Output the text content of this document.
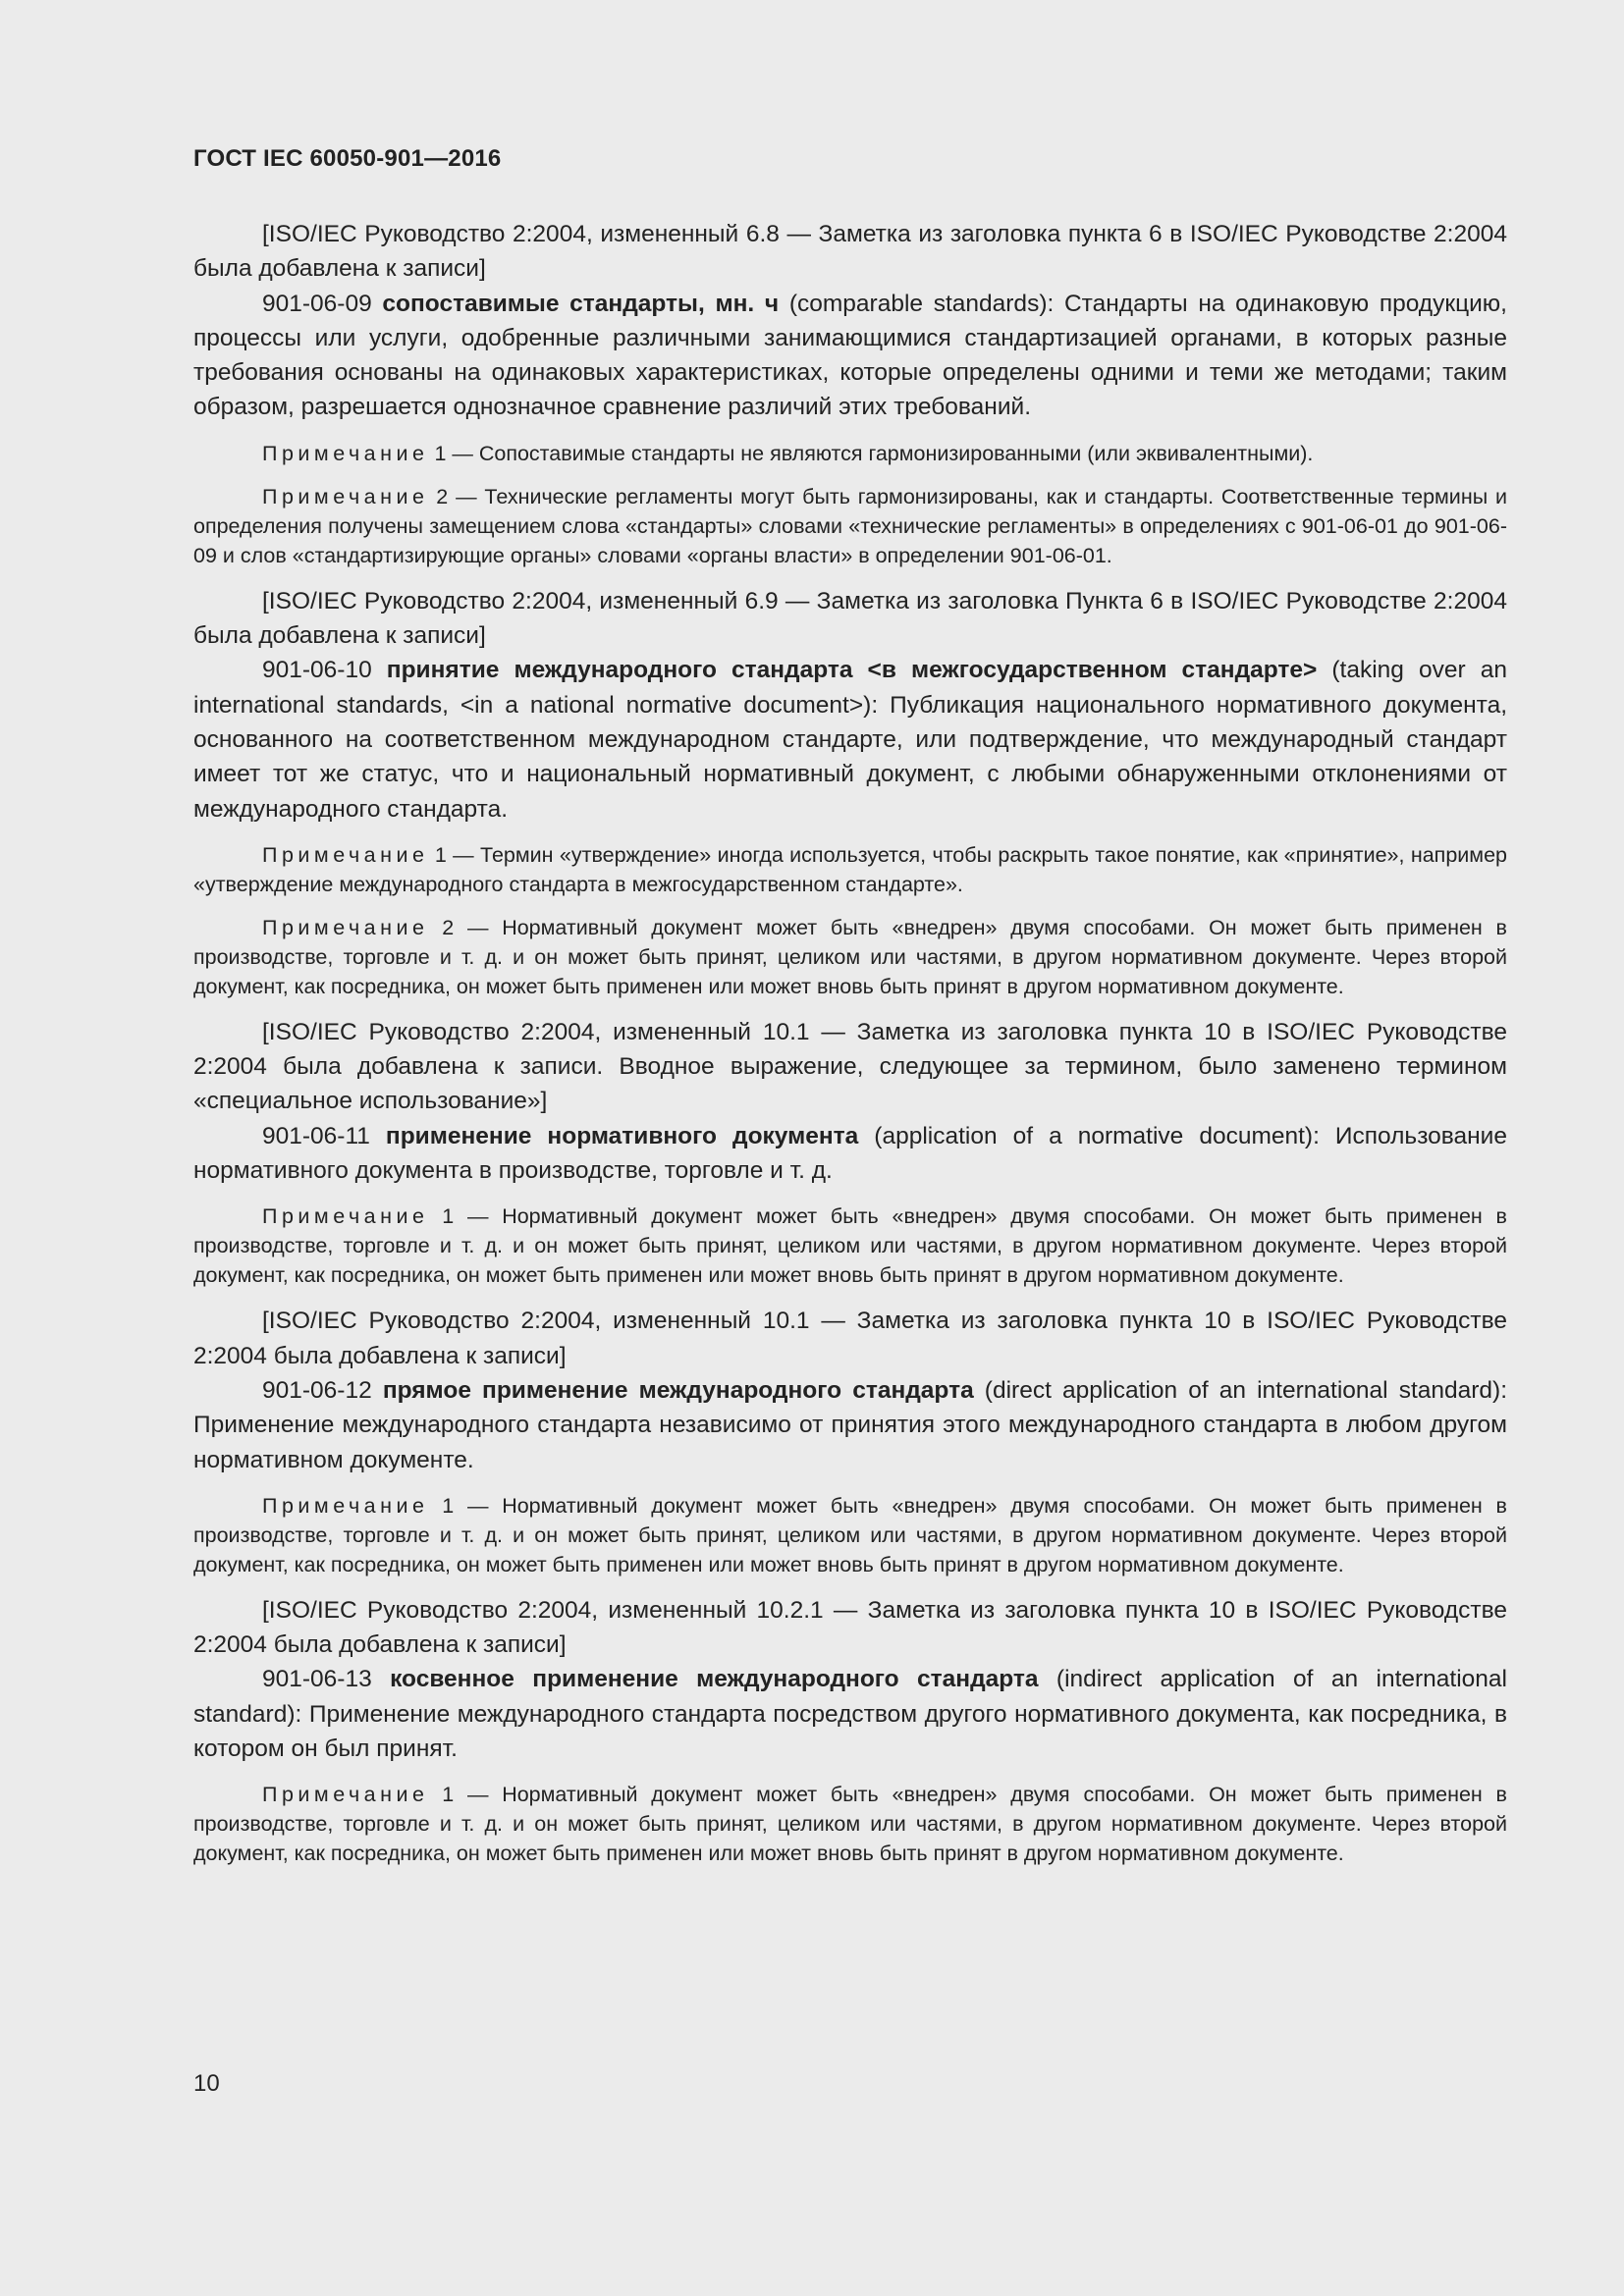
ГОСТ IEC 60050-901—2016

[ISO/IEC Руководство 2:2004, измененный 6.8 — Заметка из заголовка пункта 6 в ISO/IEC Руководстве 2:2004 была добавлена к записи]

901-06-09 сопоставимые стандарты, мн. ч (comparable standards): Стандарты на одинаковую продукцию, процессы или услуги, одобренные различными занимающимися стандартизацией органами, в которых разные требования основаны на одинаковых характеристиках, которые определены одними и теми же методами; таким образом, разрешается однозначное сравнение различий этих требований.

Примечание 1 — Сопоставимые стандарты не являются гармонизированными (или эквивалентными).

Примечание 2 — Технические регламенты могут быть гармонизированы, как и стандарты. Соответственные термины и определения получены замещением слова «стандарты» словами «технические регламенты» в определениях с 901-06-01 до 901-06-09 и слов «стандартизирующие органы» словами «органы власти» в определении 901-06-01.

[ISO/IEC Руководство 2:2004, измененный 6.9 — Заметка из заголовка Пункта 6 в ISO/IEC Руководстве 2:2004 была добавлена к записи]

901-06-10 принятие международного стандарта <в межгосударственном стандарте> (taking over an international standards, <in a national normative document>): Публикация национального нормативного документа, основанного на соответственном международном стандарте, или подтверждение, что международный стандарт имеет тот же статус, что и национальный нормативный документ, с любыми обнаруженными отклонениями от международного стандарта.

Примечание 1 — Термин «утверждение» иногда используется, чтобы раскрыть такое понятие, как «принятие», например «утверждение международного стандарта в межгосударственном стандарте».

Примечание 2 — Нормативный документ может быть «внедрен» двумя способами. Он может быть применен в производстве, торговле и т. д. и он может быть принят, целиком или частями, в другом нормативном документе. Через второй документ, как посредника, он может быть применен или может вновь быть принят в другом нормативном документе.

[ISO/IEC Руководство 2:2004, измененный 10.1 — Заметка из заголовка пункта 10 в ISO/IEC Руководстве 2:2004 была добавлена к записи. Вводное выражение, следующее за термином, было заменено термином «специальное использование»]

901-06-11 применение нормативного документа (application of a normative document): Использование нормативного документа в производстве, торговле и т. д.

Примечание 1 — Нормативный документ может быть «внедрен» двумя способами. Он может быть применен в производстве, торговле и т. д. и он может быть принят, целиком или частями, в другом нормативном документе. Через второй документ, как посредника, он может быть применен или может вновь быть принят в другом нормативном документе.

[ISO/IEC Руководство 2:2004, измененный 10.1 — Заметка из заголовка пункта 10 в ISO/IEC Руководстве 2:2004 была добавлена к записи]

901-06-12 прямое применение международного стандарта (direct application of an international standard): Применение международного стандарта независимо от принятия этого международного стандарта в любом другом нормативном документе.

Примечание 1 — Нормативный документ может быть «внедрен» двумя способами. Он может быть применен в производстве, торговле и т. д. и он может быть принят, целиком или частями, в другом нормативном документе. Через второй документ, как посредника, он может быть применен или может вновь быть принят в другом нормативном документе.

[ISO/IEC Руководство 2:2004, измененный 10.2.1 — Заметка из заголовка пункта 10 в ISO/IEC Руководстве 2:2004 была добавлена к записи]

901-06-13 косвенное применение международного стандарта (indirect application of an international standard): Применение международного стандарта посредством другого нормативного документа, как посредника, в котором он был принят.

Примечание 1 — Нормативный документ может быть «внедрен» двумя способами. Он может быть применен в производстве, торговле и т. д. и он может быть принят, целиком или частями, в другом нормативном документе. Через второй документ, как посредника, он может быть применен или может вновь быть принят в другом нормативном документе.

10
